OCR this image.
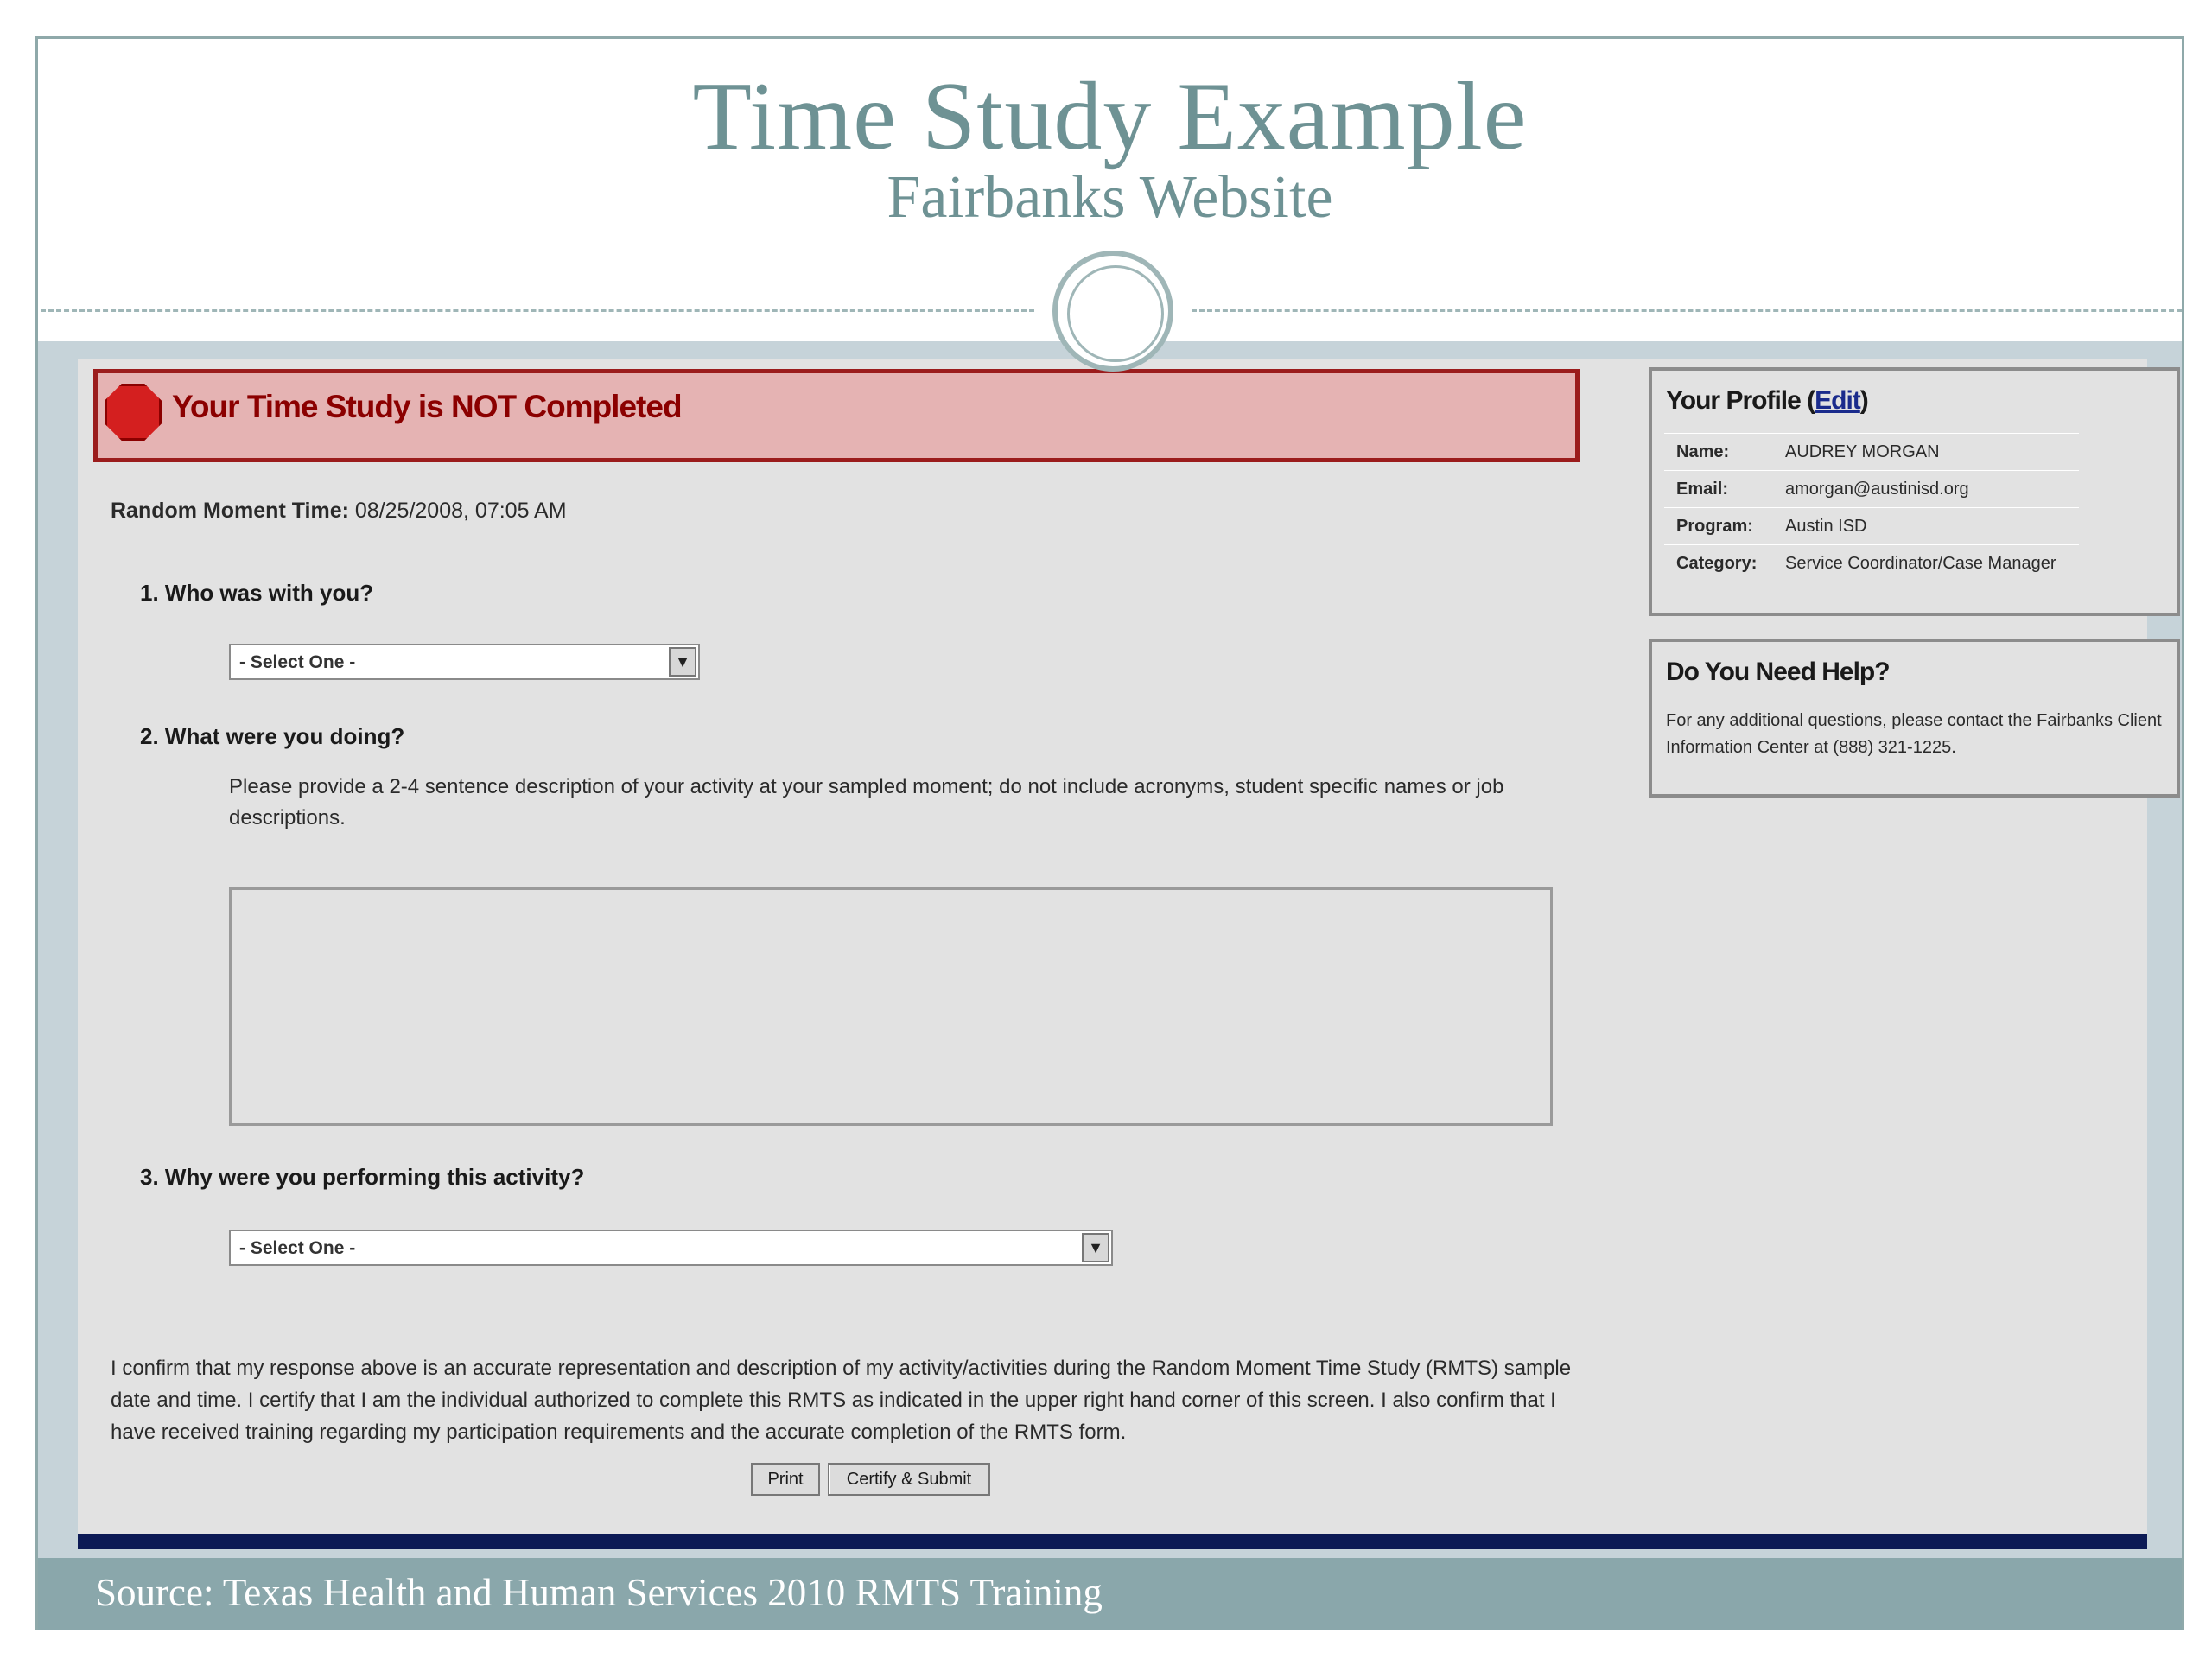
Time Study Example
Fairbanks Website
Your Time Study is NOT Completed
Random Moment Time: 08/25/2008, 07:05 AM
1. Who was with you?
- Select One -	▼
2. What were you doing?
Please provide a 2-4 sentence description of your activity at your sampled moment; do not include acronyms, student specific names or job descriptions.
3. Why were you performing this activity?
- Select One -	▼
I confirm that my response above is an accurate representation and description of my activity/activities during the Random Moment Time Study (RMTS) sample date and time. I certify that I am the individual authorized to complete this RMTS as indicated in the upper right hand corner of this screen. I also confirm that I have received training regarding my participation requirements and the accurate completion of the RMTS form.
Print	Certify & Submit
Your Profile (Edit)
Name:	AUDREY MORGAN
Email:	amorgan@austinisd.org
Program:	Austin ISD
Category:	Service Coordinator/Case Manager
Do You Need Help?
For any additional questions, please contact the Fairbanks Client Information Center at (888) 321-1225.
Source: Texas Health and Human Services 2010 RMTS Training
